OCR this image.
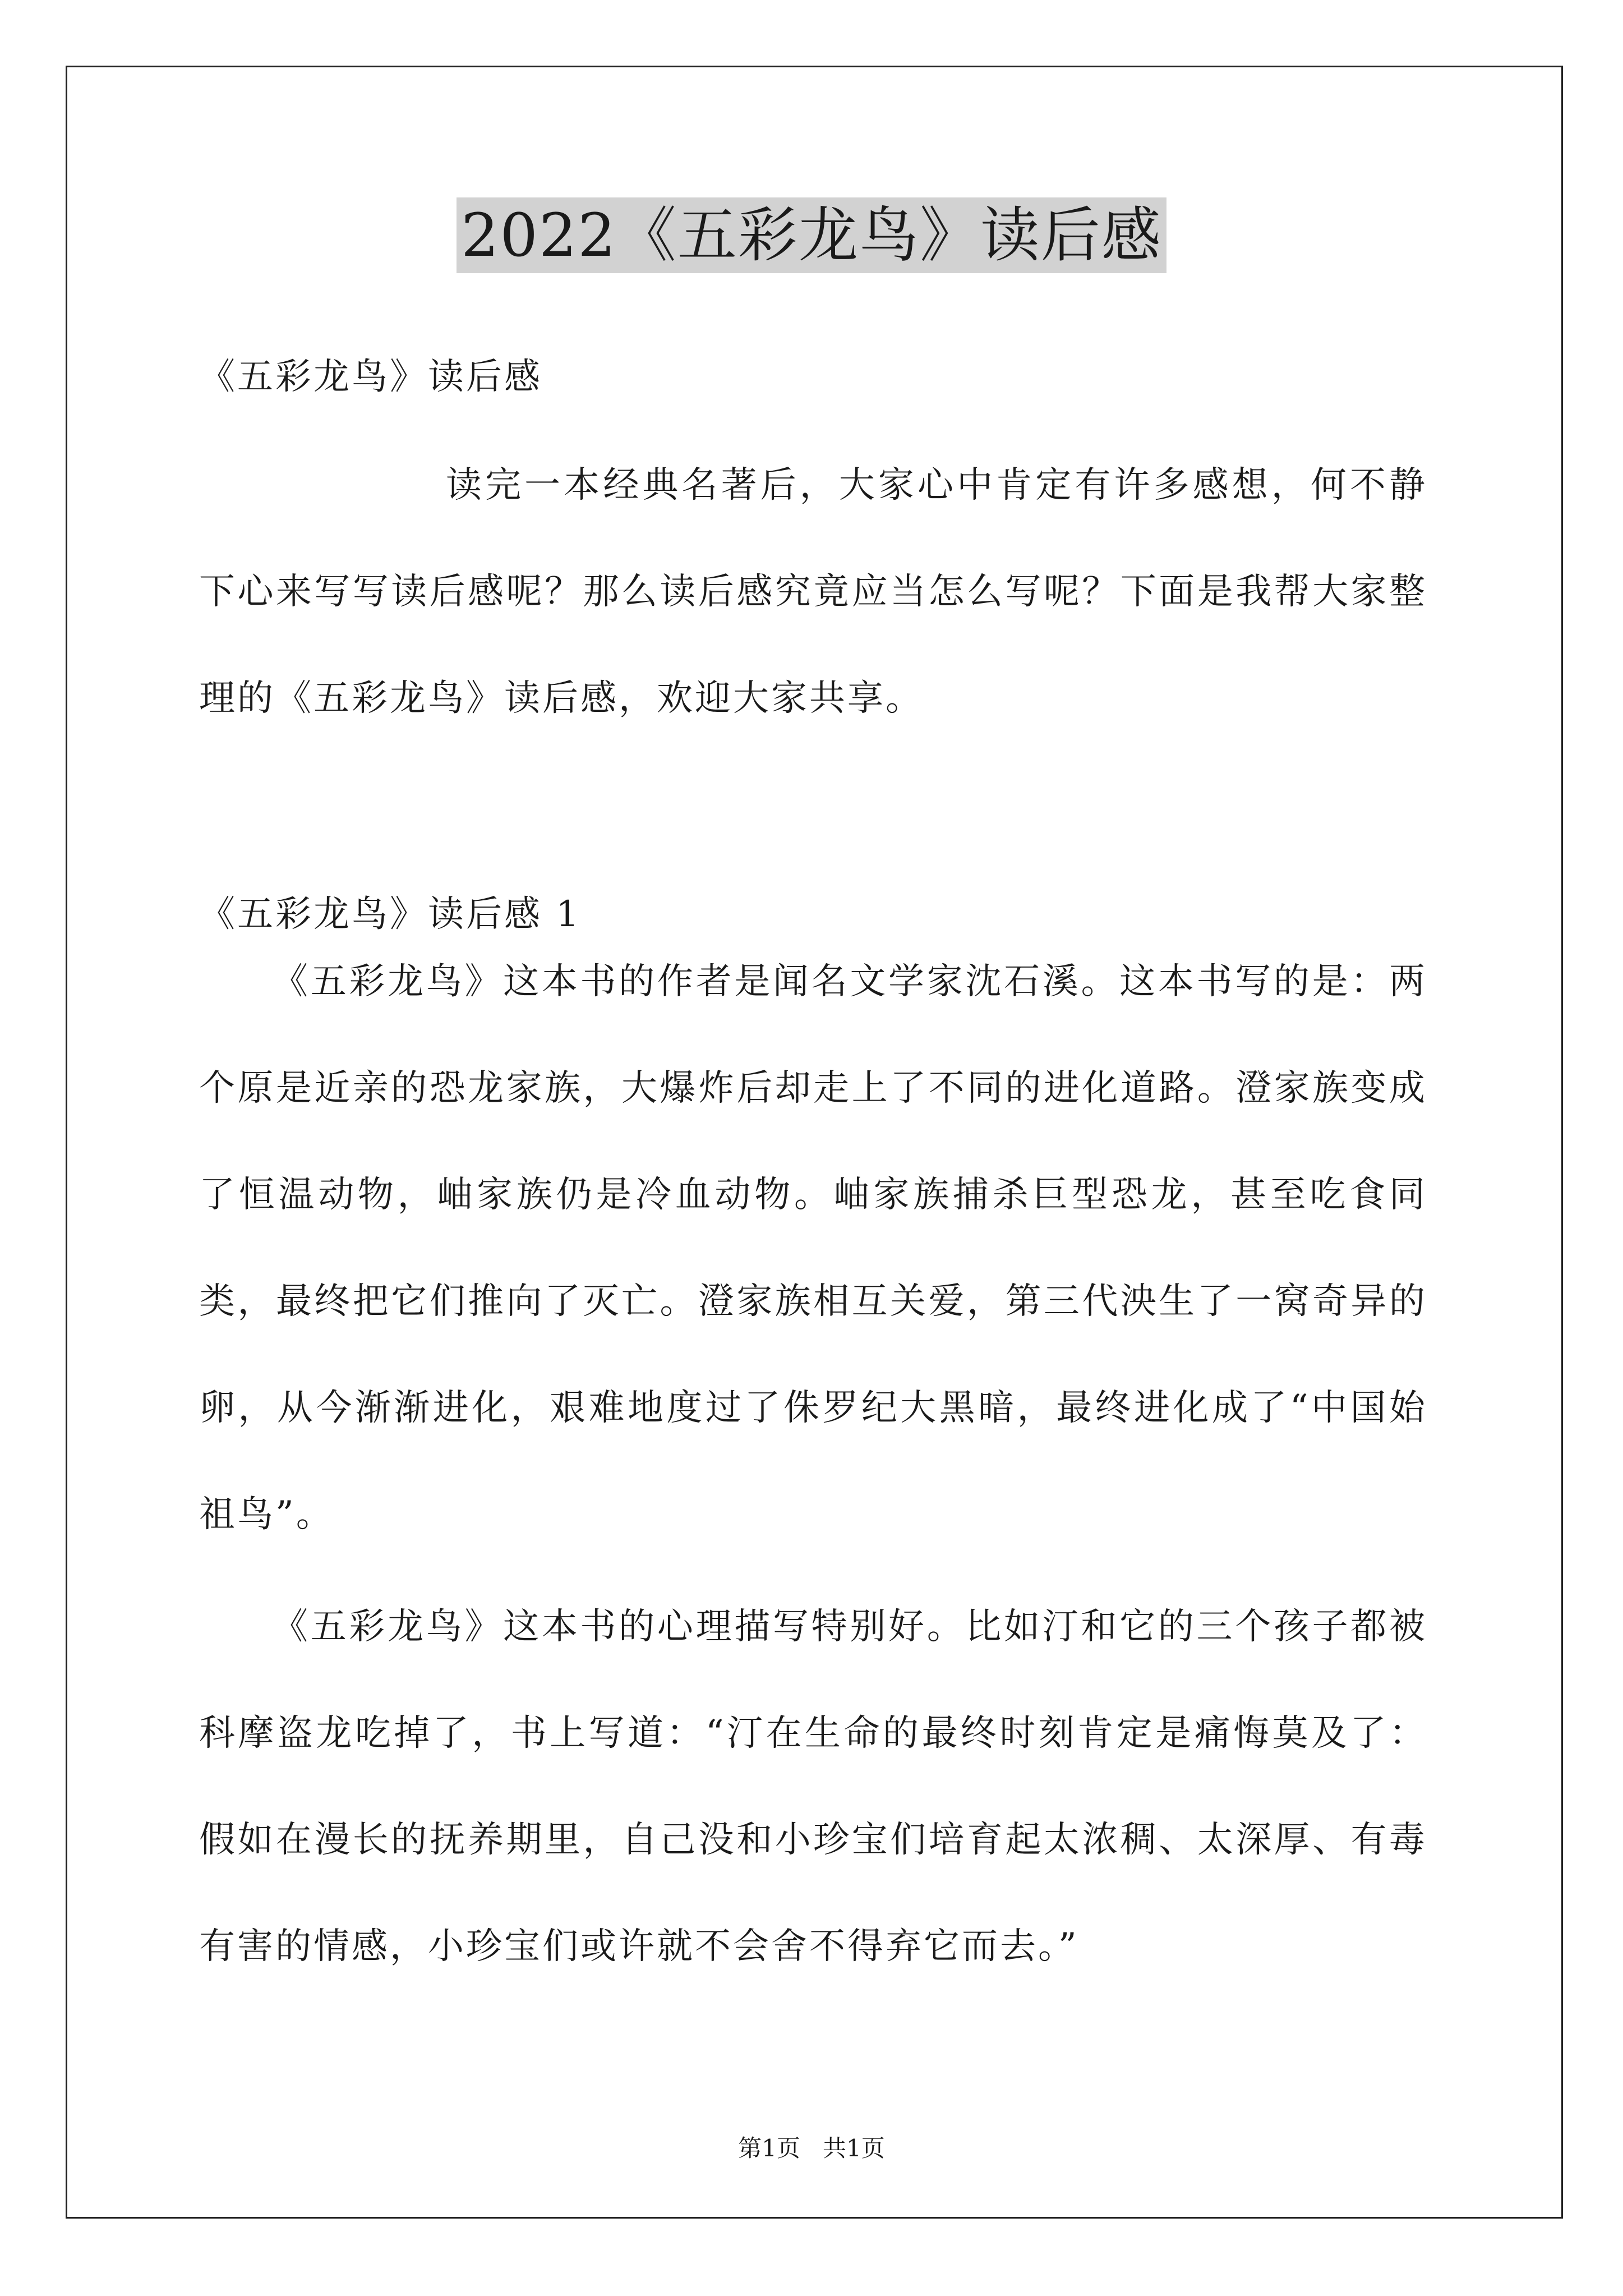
2022《五彩龙鸟》读后感
《五彩龙鸟》读后感

读完一本经典名著后，大家心中肯定有许多感想，何不静下心来写写读后感呢？那么读后感究竟应当怎么写呢？下面是我帮大家整理的《五彩龙鸟》读后感，欢迎大家共享。

《五彩龙鸟》读后感 1

《五彩龙鸟》这本书的作者是闻名文学家沈石溪。这本书写的是：两个原是近亲的恐龙家族，大爆炸后却走上了不同的进化道路。澄家族变成了恒温动物，岫家族仍是冷血动物。岫家族捕杀巨型恐龙，甚至吃食同类，最终把它们推向了灭亡。澄家族相互关爱，第三代泱生了一窝奇异的卵，从今渐渐进化，艰难地度过了侏罗纪大黑暗，最终进化成了“中国始祖鸟”。

《五彩龙鸟》这本书的心理描写特别好。比如汀和它的三个孩子都被科摩盗龙吃掉了，书上写道：“汀在生命的最终时刻肯定是痛悔莫及了：假如在漫长的抚养期里，自己没和小珍宝们培育起太浓稠、太深厚、有毒有害的情感，小珍宝们或许就不会舍不得弃它而去。”

第1页   共1页
